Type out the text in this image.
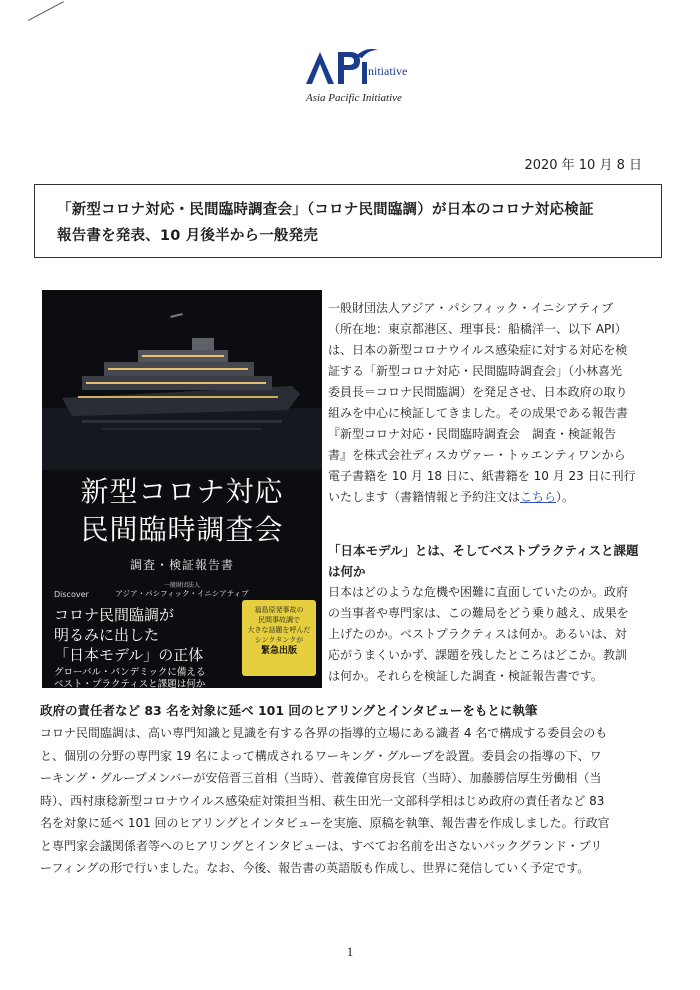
nitiative
Asia Pacific Initiative
2020 年 10 月 8 日

「新型コロナ対応・民間臨時調査会」（コロナ民間臨調）が日本のコロナ対応検証

報告書を発表、10 月後半から一般発売

新型コロナ対応
民間臨時調査会
調査・検証報告書
一般財団法人
アジア・パシフィック・イニシアティブ
Discover
コロナ民間臨調が
明るみに出した
「日本モデル」の正体
グローバル・パンデミックに備える
ベスト・プラクティスと課題は何か
福島原発事故の
民間事故調で
大きな話題を呼んだ
シンクタンクが
緊急出版

一般財団法人アジア・パシフィック・イニシアティブ

（所在地：東京都港区、理事長：船橋洋一、以下 API）

は、日本の新型コロナウイルス感染症に対する対応を検

証する「新型コロナ対応・民間臨時調査会」（小林喜光

委員長＝コロナ民間臨調）を発足させ、日本政府の取り

組みを中心に検証してきました。その成果である報告書

『新型コロナ対応・民間臨時調査会　調査・検証報告

書』を株式会社ディスカヴァー・トゥエンティワンから

電子書籍を 10 月 18 日に、紙書籍を 10 月 23 日に刊行

いたします（書籍情報と予約注文はこちら）。

「日本モデル」とは、そしてベストプラクティスと課題
は何か

日本はどのような危機や困難に直面していたのか。政府

の当事者や専門家は、この難局をどう乗り越え、成果を

上げたのか。ベストプラクティスは何か。あるいは、対

応がうまくいかず、課題を残したところはどこか。教訓

は何か。それらを検証した調査・検証報告書です。

政府の責任者など 83 名を対象に延べ 101 回のヒアリングとインタビューをもとに執筆

コロナ民間臨調は、高い専門知識と見識を有する各界の指導的立場にある識者 4 名で構成する委員会のも

と、個別の分野の専門家 19 名によって構成されるワーキング・グループを設置。委員会の指導の下、ワ

ーキング・グループメンバーが安倍晋三首相（当時）、菅義偉官房長官（当時）、加藤勝信厚生労働相（当

時）、西村康稔新型コロナウイルス感染症対策担当相、萩生田光一文部科学相はじめ政府の責任者など 83

名を対象に延べ 101 回のヒアリングとインタビューを実施、原稿を執筆、報告書を作成しました。行政官

と専門家会議関係者等へのヒアリングとインタビューは、すべてお名前を出さないバックグランド・ブリ

ーフィングの形で行いました。なお、今後、報告書の英語版も作成し、世界に発信していく予定です。

1
